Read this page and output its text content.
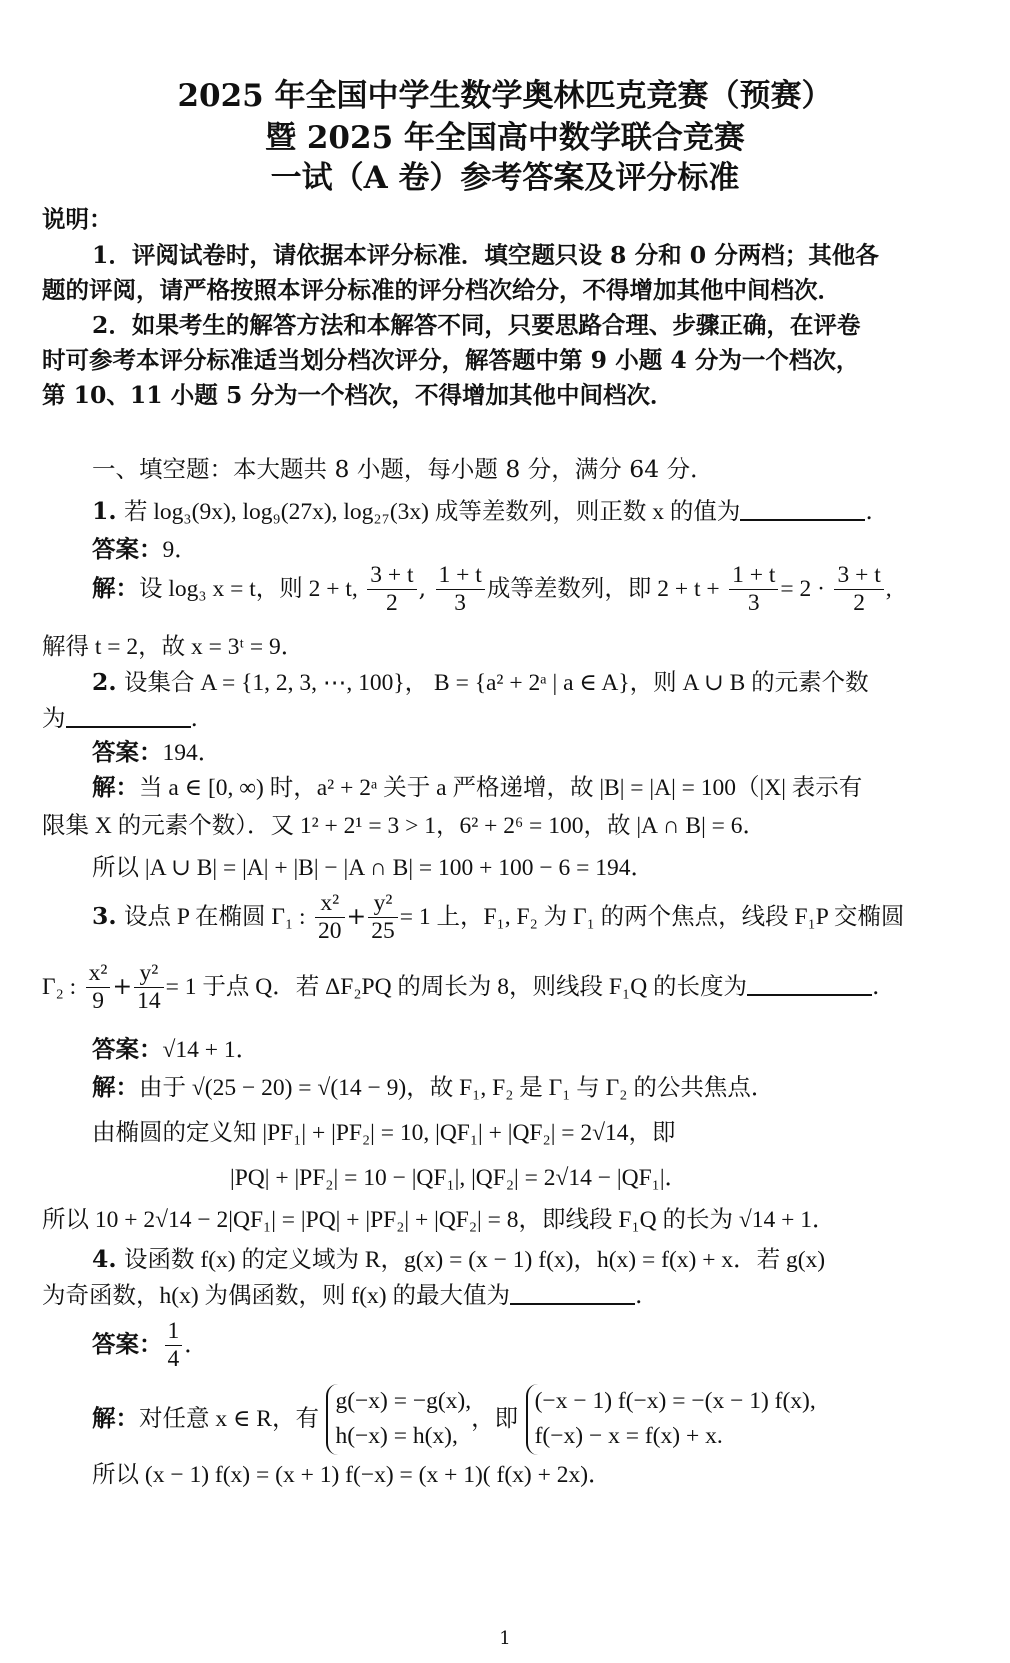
2025 年全国中学生数学奥林匹克竞赛（预赛）
暨 2025 年全国高中数学联合竞赛
一试（A 卷）参考答案及评分标准
说明：
1．评阅试卷时，请依据本评分标准．填空题只设 8 分和 0 分两档；其他各
题的评阅，请严格按照本评分标准的评分档次给分，不得增加其他中间档次．
2．如果考生的解答方法和本解答不同，只要思路合理、步骤正确，在评卷
时可参考本评分标准适当划分档次评分，解答题中第 9 小题 4 分为一个档次，
第 10、11 小题 5 分为一个档次，不得增加其他中间档次．
一、填空题：本大题共 8 小题，每小题 8 分，满分 64 分．
1. 若 log₃(9x), log₉(27x), log₂₇(3x) 成等差数列，则正数 x 的值为	.
答案：9．
解：设 log₃ x = t，则 2 + t, $\frac{3 + t}{2}$ , $\frac{1 + t}{3}$ 成等差数列，即 $2 + t + \frac{1 + t}{3} = 2 \cdot \frac{3 + t}{2}$ ,
解得 t = 2，故 x = 3ᵗ = 9．
2. 设集合 A = {1, 2, 3, ⋯, 100}， B = {a² + 2ᵃ | a ∈ A}，则 A ∪ B 的元素个数
为	.
答案：194．
解：当 a ∈ [0, ∞) 时，a² + 2ᵃ 关于 a 严格递增，故 |B| = |A| = 100（|X| 表示有
限集 X 的元素个数）．又 1² + 2¹ = 3 > 1，6² + 2⁶ = 100，故 |A ∩ B| = 6．
所以 |A ∪ B| = |A| + |B| − |A ∩ B| = 100 + 100 − 6 = 194．
3. 设点 P 在椭圆 Γ₁ : $\frac{\text{x²}}{20} + \frac{\text{y²}}{25} = 1$ 上，F₁, F₂ 为 Γ₁ 的两个焦点，线段 F₁P 交椭圆
Γ₂ : $\frac{\text{x²}}{9} + \frac{\text{y²}}{14} = 1$ 于点 Q．若 ΔF₂PQ 的周长为 8，则线段 F₁Q 的长度为	.
答案：√14 + 1．
解：由于 √(25 − 20) = √(14 − 9)，故 F₁, F₂ 是 Γ₁ 与 Γ₂ 的公共焦点．
由椭圆的定义知 |PF₁| + |PF₂| = 10, |QF₁| + |QF₂| = 2√14，即
|PQ| + |PF₂| = 10 − |QF₁|, |QF₂| = 2√14 − |QF₁|．
所以 10 + 2√14 − 2|QF₁| = |PQ| + |PF₂| + |QF₂| = 8，即线段 F₁Q 的长为 √14 + 1．
4. 设函数 f(x) 的定义域为 R，g(x) = (x − 1) f(x)，h(x) = f(x) + x．若 g(x)
为奇函数，h(x) 为偶函数，则 f(x) 的最大值为	.
答案： $\frac{1}{4}$ ．
解：对任意 x ∈ R，有
g(−x) = −g(x),
h(−x) = h(x),
，即
(−x − 1) f(−x) = −(x − 1) f(x),
f(−x) − x = f(x) + x.
所以 (x − 1) f(x) = (x + 1) f(−x) = (x + 1)( f(x) + 2x)．
1
